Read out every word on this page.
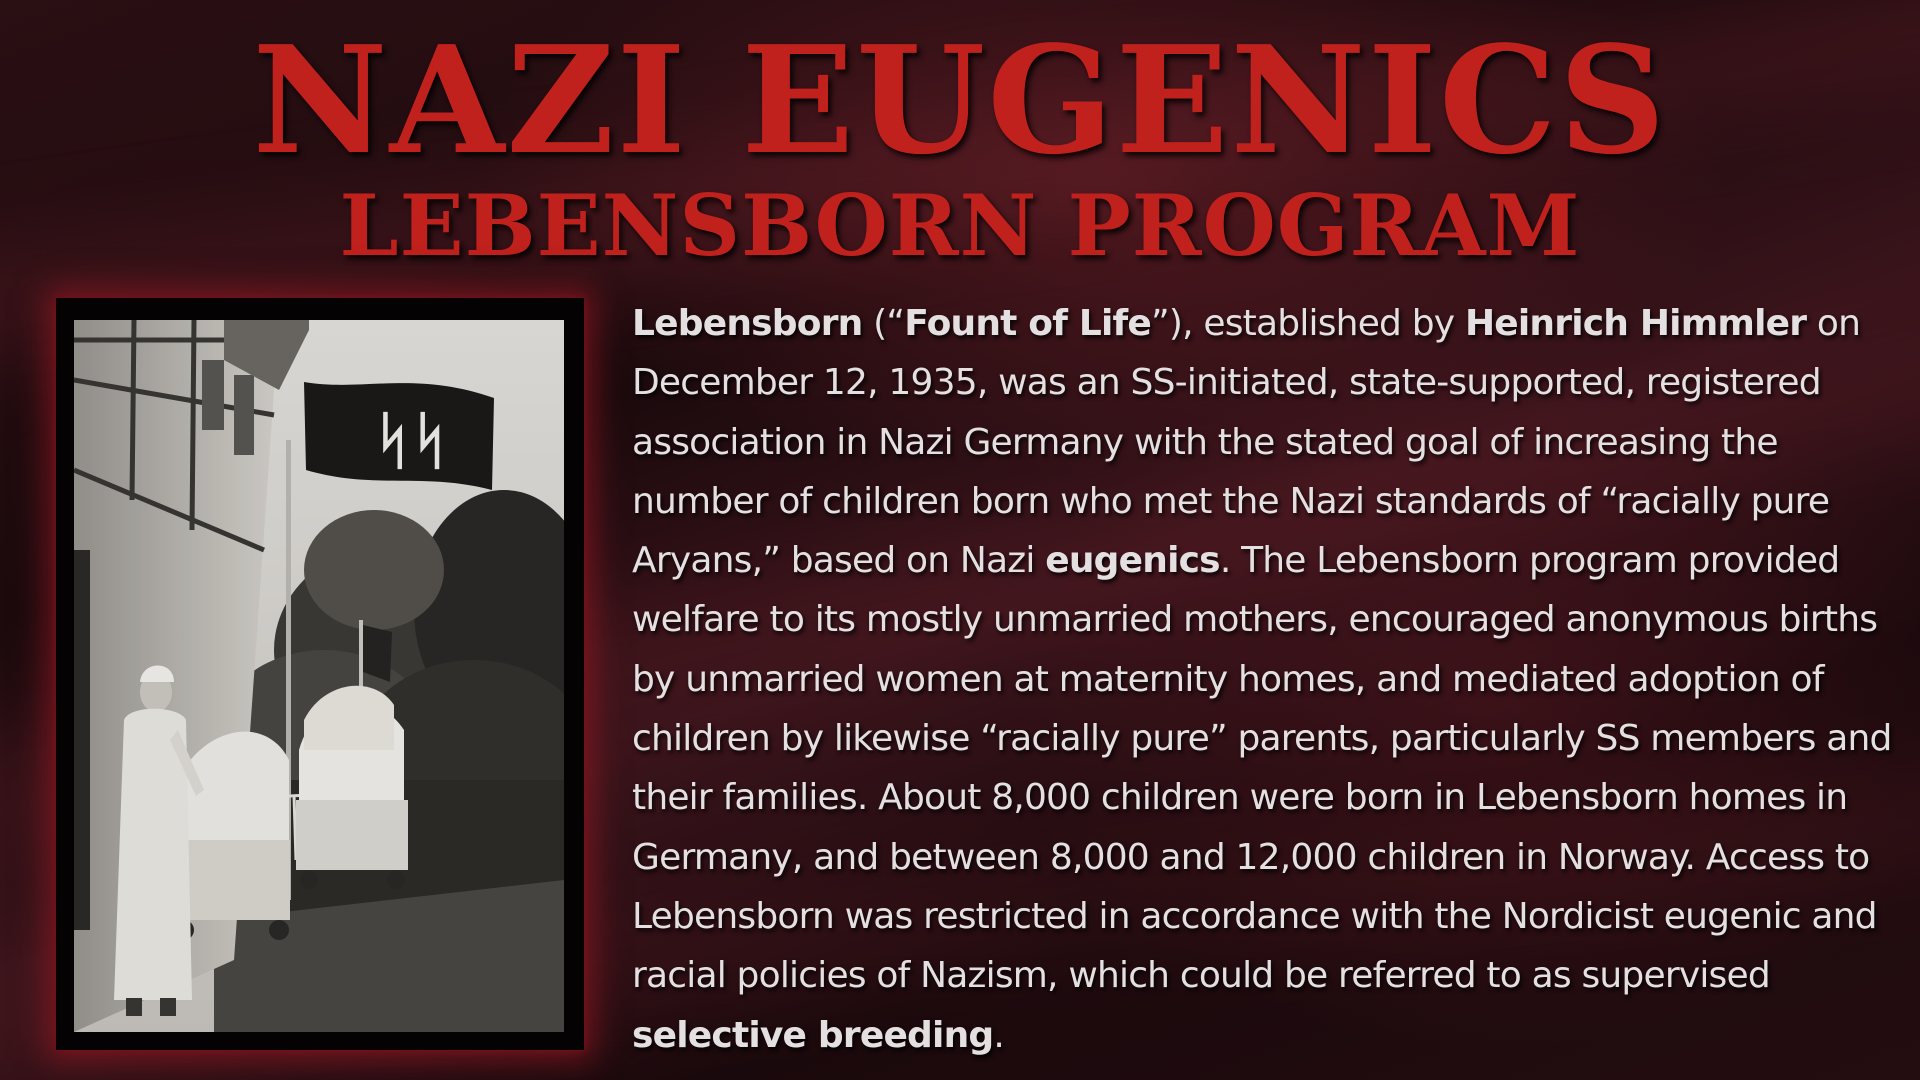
NAZI EUGENICS
LEBENSBORN PROGRAM
ᛋᛋ

Lebensborn (“Fount of Life”), established by Heinrich Himmler on December 12, 1935, was an SS-initiated, state-supported, registered association in Nazi Germany with the stated goal of increasing the number of children born who met the Nazi standards of “racially pure Aryans,” based on Nazi eugenics. The Lebensborn program provided welfare to its mostly unmarried mothers, encouraged anonymous births by unmarried women at maternity homes, and mediated adoption of children by likewise “racially pure” parents, particularly SS members and their families. About 8,000 children were born in Lebensborn homes in Germany, and between 8,000 and 12,000 children in Norway. Access to Lebensborn was restricted in accordance with the Nordicist eugenic and racial policies of Nazism, which could be referred to as supervised selective breeding.
